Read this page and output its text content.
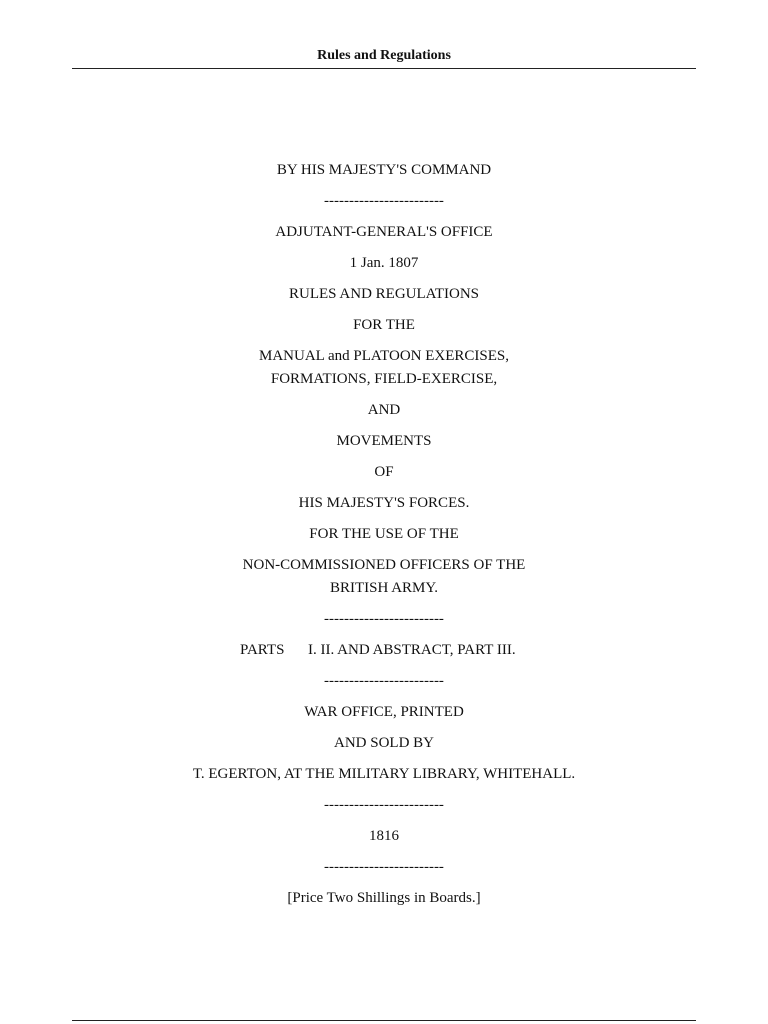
Rules and Regulations
BY HIS MAJESTY'S COMMAND
------------------------
ADJUTANT-GENERAL'S OFFICE
1 Jan. 1807
RULES AND REGULATIONS
FOR THE
MANUAL and PLATOON EXERCISES,
FORMATIONS, FIELD-EXERCISE,
AND
MOVEMENTS
OF
HIS MAJESTY'S FORCES.
FOR THE USE OF THE
NON-COMMISSIONED OFFICERS OF THE
BRITISH ARMY.
------------------------
PARTS I. II. AND ABSTRACT, PART III.
------------------------
WAR OFFICE, PRINTED
AND SOLD BY
T. EGERTON, AT THE MILITARY LIBRARY, WHITEHALL.
------------------------
1816
------------------------
[Price Two Shillings in Boards.]
